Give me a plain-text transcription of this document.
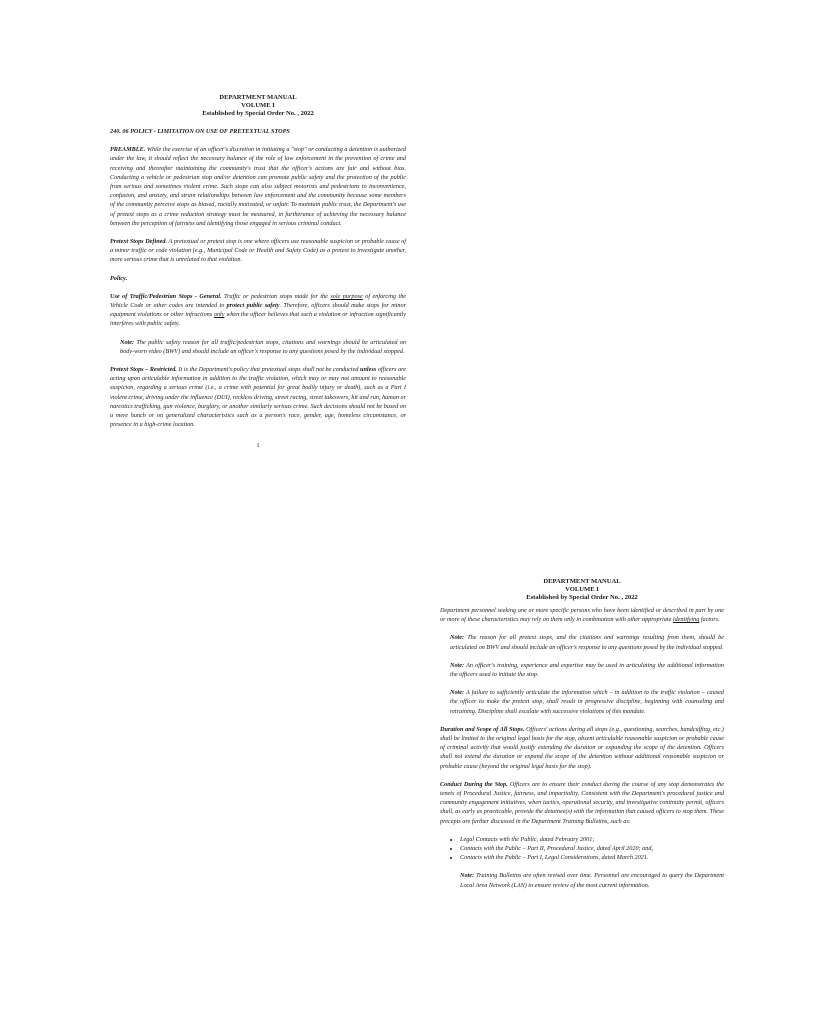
DEPARTMENT MANUAL
VOLUME I
Established by Special Order No. , 2022
240. 06 POLICY - LIMITATION ON USE OF PRETEXTUAL STOPS

PREAMBLE. While the exercise of an officer's discretion in initiating a "stop" or conducting a detention is authorized under the law, it should reflect the necessary balance of the role of law enforcement in the prevention of crime and receiving and thereafter maintaining the community's trust that the officer's actions are fair and without bias. Conducting a vehicle or pedestrian stop and/or detention can promote public safety and the protection of the public from serious and sometimes violent crime. Such stops can also subject motorists and pedestrians to inconvenience, confusion, and anxiety, and strain relationships between law enforcement and the community because some members of the community perceive stops as biased, racially motivated, or unfair. To maintain public trust, the Department's use of pretext stops as a crime reduction strategy must be measured, in furtherance of achieving the necessary balance between the perception of fairness and identifying those engaged in serious criminal conduct.

Pretext Stops Defined. A pretextual or pretext stop is one where officers use reasonable suspicion or probable cause of a minor traffic or code violation (e.g., Municipal Code or Health and Safety Code) as a pretext to investigate another, more serious crime that is unrelated to that violation.

Policy.

Use of Traffic/Pedestrian Stops - General. Traffic or pedestrian stops made for the sole purpose of enforcing the Vehicle Code or other codes are intended to protect public safety. Therefore, officers should make stops for minor equipment violations or other infractions only when the officer believes that such a violation or infraction significantly interferes with public safety.

Note: The public safety reason for all traffic/pedestrian stops, citations and warnings should be articulated on body-worn video (BWV) and should include an officer's response to any questions posed by the individual stopped.

Pretext Stops – Restricted. It is the Department's policy that pretextual stops shall not be conducted unless officers are acting upon articulable information in addition to the traffic violation, which may or may not amount to reasonable suspicion, regarding a serious crime (i.e., a crime with potential for great bodily injury or death), such as a Part I violent crime, driving under the influence (DUI), reckless driving, street racing, street takeovers, hit and run, human or narcotics trafficking, gun violence, burglary, or another similarly serious crime. Such decisions should not be based on a mere hunch or on generalized characteristics such as a person's race, gender, age, homeless circumstance, or presence in a high-crime location.

1
DEPARTMENT MANUAL
VOLUME I
Established by Special Order No. , 2022

Department personnel seeking one or more specific persons who have been identified or described in part by one or more of these characteristics may rely on them only in combination with other appropriate identifying factors.

Note: The reason for all pretext stops, and the citations and warnings resulting from them, should be articulated on BWV and should include an officer's response to any questions posed by the individual stopped.

Note: An officer's training, experience and expertise may be used in articulating the additional information the officers used to initiate the stop.

Note: A failure to sufficiently articulate the information which – in addition to the traffic violation – caused the officer to make the pretext stop, shall result in progressive discipline, beginning with counseling and retraining. Discipline shall escalate with successive violations of this mandate.

Duration and Scope of All Stops. Officers' actions during all stops (e.g., questioning, searches, handcuffing, etc.) shall be limited to the original legal basis for the stop, absent articulable reasonable suspicion or probable cause of criminal activity that would justify extending the duration or expanding the scope of the detention. Officers shall not extend the duration or expand the scope of the detention without additional reasonable suspicion or probable cause (beyond the original legal basis for the stop).

Conduct During the Stop. Officers are to ensure their conduct during the course of any stop demonstrates the tenets of Procedural Justice, fairness, and impartiality. Consistent with the Department's procedural justice and community engagement initiatives, when tactics, operational security, and investigative continuity permit, officers shall, as early as practicable, provide the detainee(s) with the information that caused officers to stop them. These precepts are further discussed in the Department Training Bulletins, such as:

• Legal Contacts with the Public, dated February 2001;
• Contacts with the Public – Part II, Procedural Justice, dated April 2020; and,
• Contacts with the Public – Part I, Legal Considerations, dated March 2021.

Note: Training Bulletins are often revised over time. Personnel are encouraged to query the Department Local Area Network (LAN) to ensure review of the most current information.
